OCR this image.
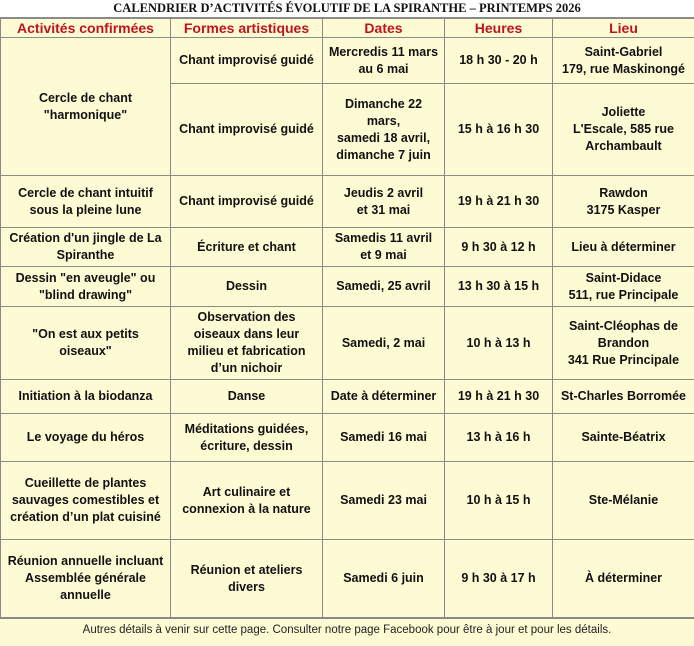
CALENDRIER D’ACTIVITÉS ÉVOLUTIF DE LA SPIRANTHE – PRINTEMPS 2026
Activités confirmées	Formes artistiques	Dates	Heures	Lieu

Cercle de chant
"harmonique"	Chant improvisé guidé	Mercredis 11 mars
au 6 mai	18 h 30 - 20 h	Saint-Gabriel
179, rue Maskinongé

	Chant improvisé guidé	Dimanche 22
mars,
samedi 18 avril,
dimanche 7 juin	15 h à 16 h 30	Joliette
L'Escale, 585 rue
Archambault

Cercle de chant intuitif
sous la pleine lune	Chant improvisé guidé	Jeudis 2 avril
et 31 mai	19 h à 21 h 30	Rawdon
3175 Kasper

Création d'un jingle de La
Spiranthe	Écriture et chant	Samedis 11 avril
et 9 mai	9 h 30 à 12 h	Lieu à déterminer

Dessin "en aveugle" ou
"blind drawing"	Dessin	Samedi, 25 avril	13 h 30 à 15 h	Saint-Didace
511, rue Principale

"On est aux petits
oiseaux"	Observation des
oiseaux dans leur
milieu et fabrication
d’un nichoir	Samedi, 2 mai	10 h à 13 h	Saint-Cléophas de
Brandon
341 Rue Principale

Initiation à la biodanza	Danse	Date à déterminer	19 h à 21 h 30	St-Charles Borromée

Le voyage du héros	Méditations guidées,
écriture, dessin	Samedi 16 mai	13 h à 16 h	Sainte-Béatrix

Cueillette de plantes
sauvages comestibles et
création d’un plat cuisiné	Art culinaire et
connexion à la nature	Samedi 23 mai	10 h à 15 h	Ste-Mélanie

Réunion annuelle incluant
Assemblée générale
annuelle	Réunion et ateliers
divers	Samedi 6 juin	9 h 30 à 17 h	À déterminer
Autres détails à venir sur cette page. Consulter notre page Facebook pour être à jour et pour les détails.
